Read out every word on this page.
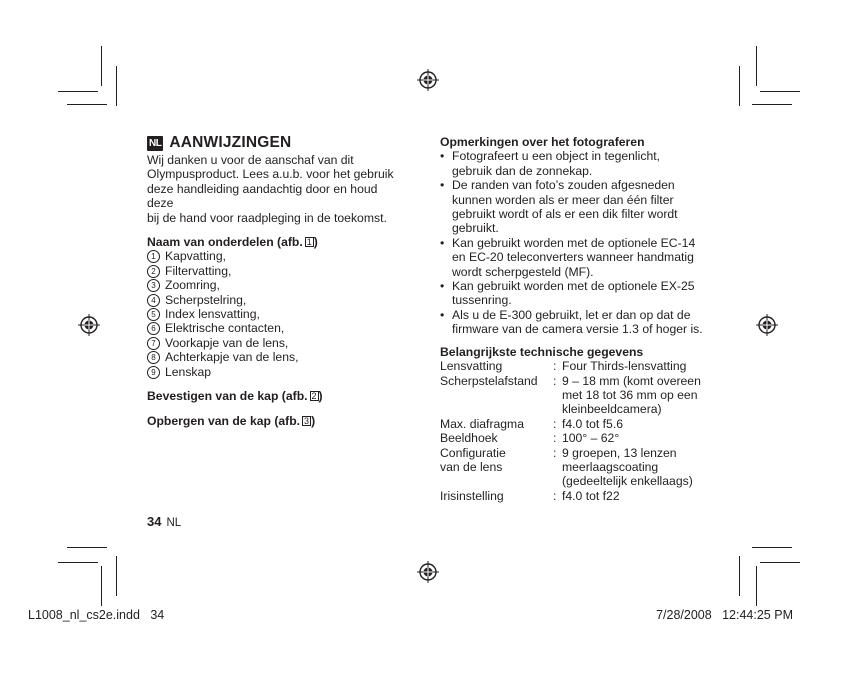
NL AANWIJZINGEN

Wij danken u voor de aanschaf van dit
Olympusproduct. Lees a.u.b. voor het gebruik
deze handleiding aandachtig door en houd deze
bij de hand voor raadpleging in de toekomst.

Naam van onderdelen (afb. 1 )

1 Kapvatting,
2 Filtervatting,
3 Zoomring,
4 Scherpstelring,
5 Index lensvatting,
6 Elektrische contacten,
7 Voorkapje van de lens,
8 Achterkapje van de lens,
9 Lenskap

Bevestigen van de kap (afb. 2 )

Opbergen van de kap (afb. 3 )

Opmerkingen over het fotograferen

• Fotografeert u een object in tegenlicht,
gebruik dan de zonnekap.
• De randen van foto’s zouden afgesneden
kunnen worden als er meer dan één filter
gebruikt wordt of als er een dik filter wordt
gebruikt.
• Kan gebruikt worden met de optionele EC-14
en EC-20 teleconverters wanneer handmatig
wordt scherpgesteld (MF).
• Kan gebruikt worden met de optionele EX-25
tussenring.
• Als u de E-300 gebruikt, let er dan op dat de
firmware van de camera versie 1.3 of hoger is.

Belangrijkste technische gegevens

Lensvatting	:	Four Thirds-lensvatting
Scherpstelafstand	:	9 – 18 mm (komt overeen
met 18 tot 36 mm op een
kleinbeeldcamera)
Max. diafragma	:	f4.0 tot f5.6
Beeldhoek	:	100° – 62°
Configuratie
van de lens	:	9 groepen, 13 lenzen
meerlaagscoating
(gedeeltelijk enkellaags)
Irisinstelling	:	f4.0 tot f22
34 NL
L1008_nl_cs2e.indd   34	7/28/2008   12:44:25 PM
